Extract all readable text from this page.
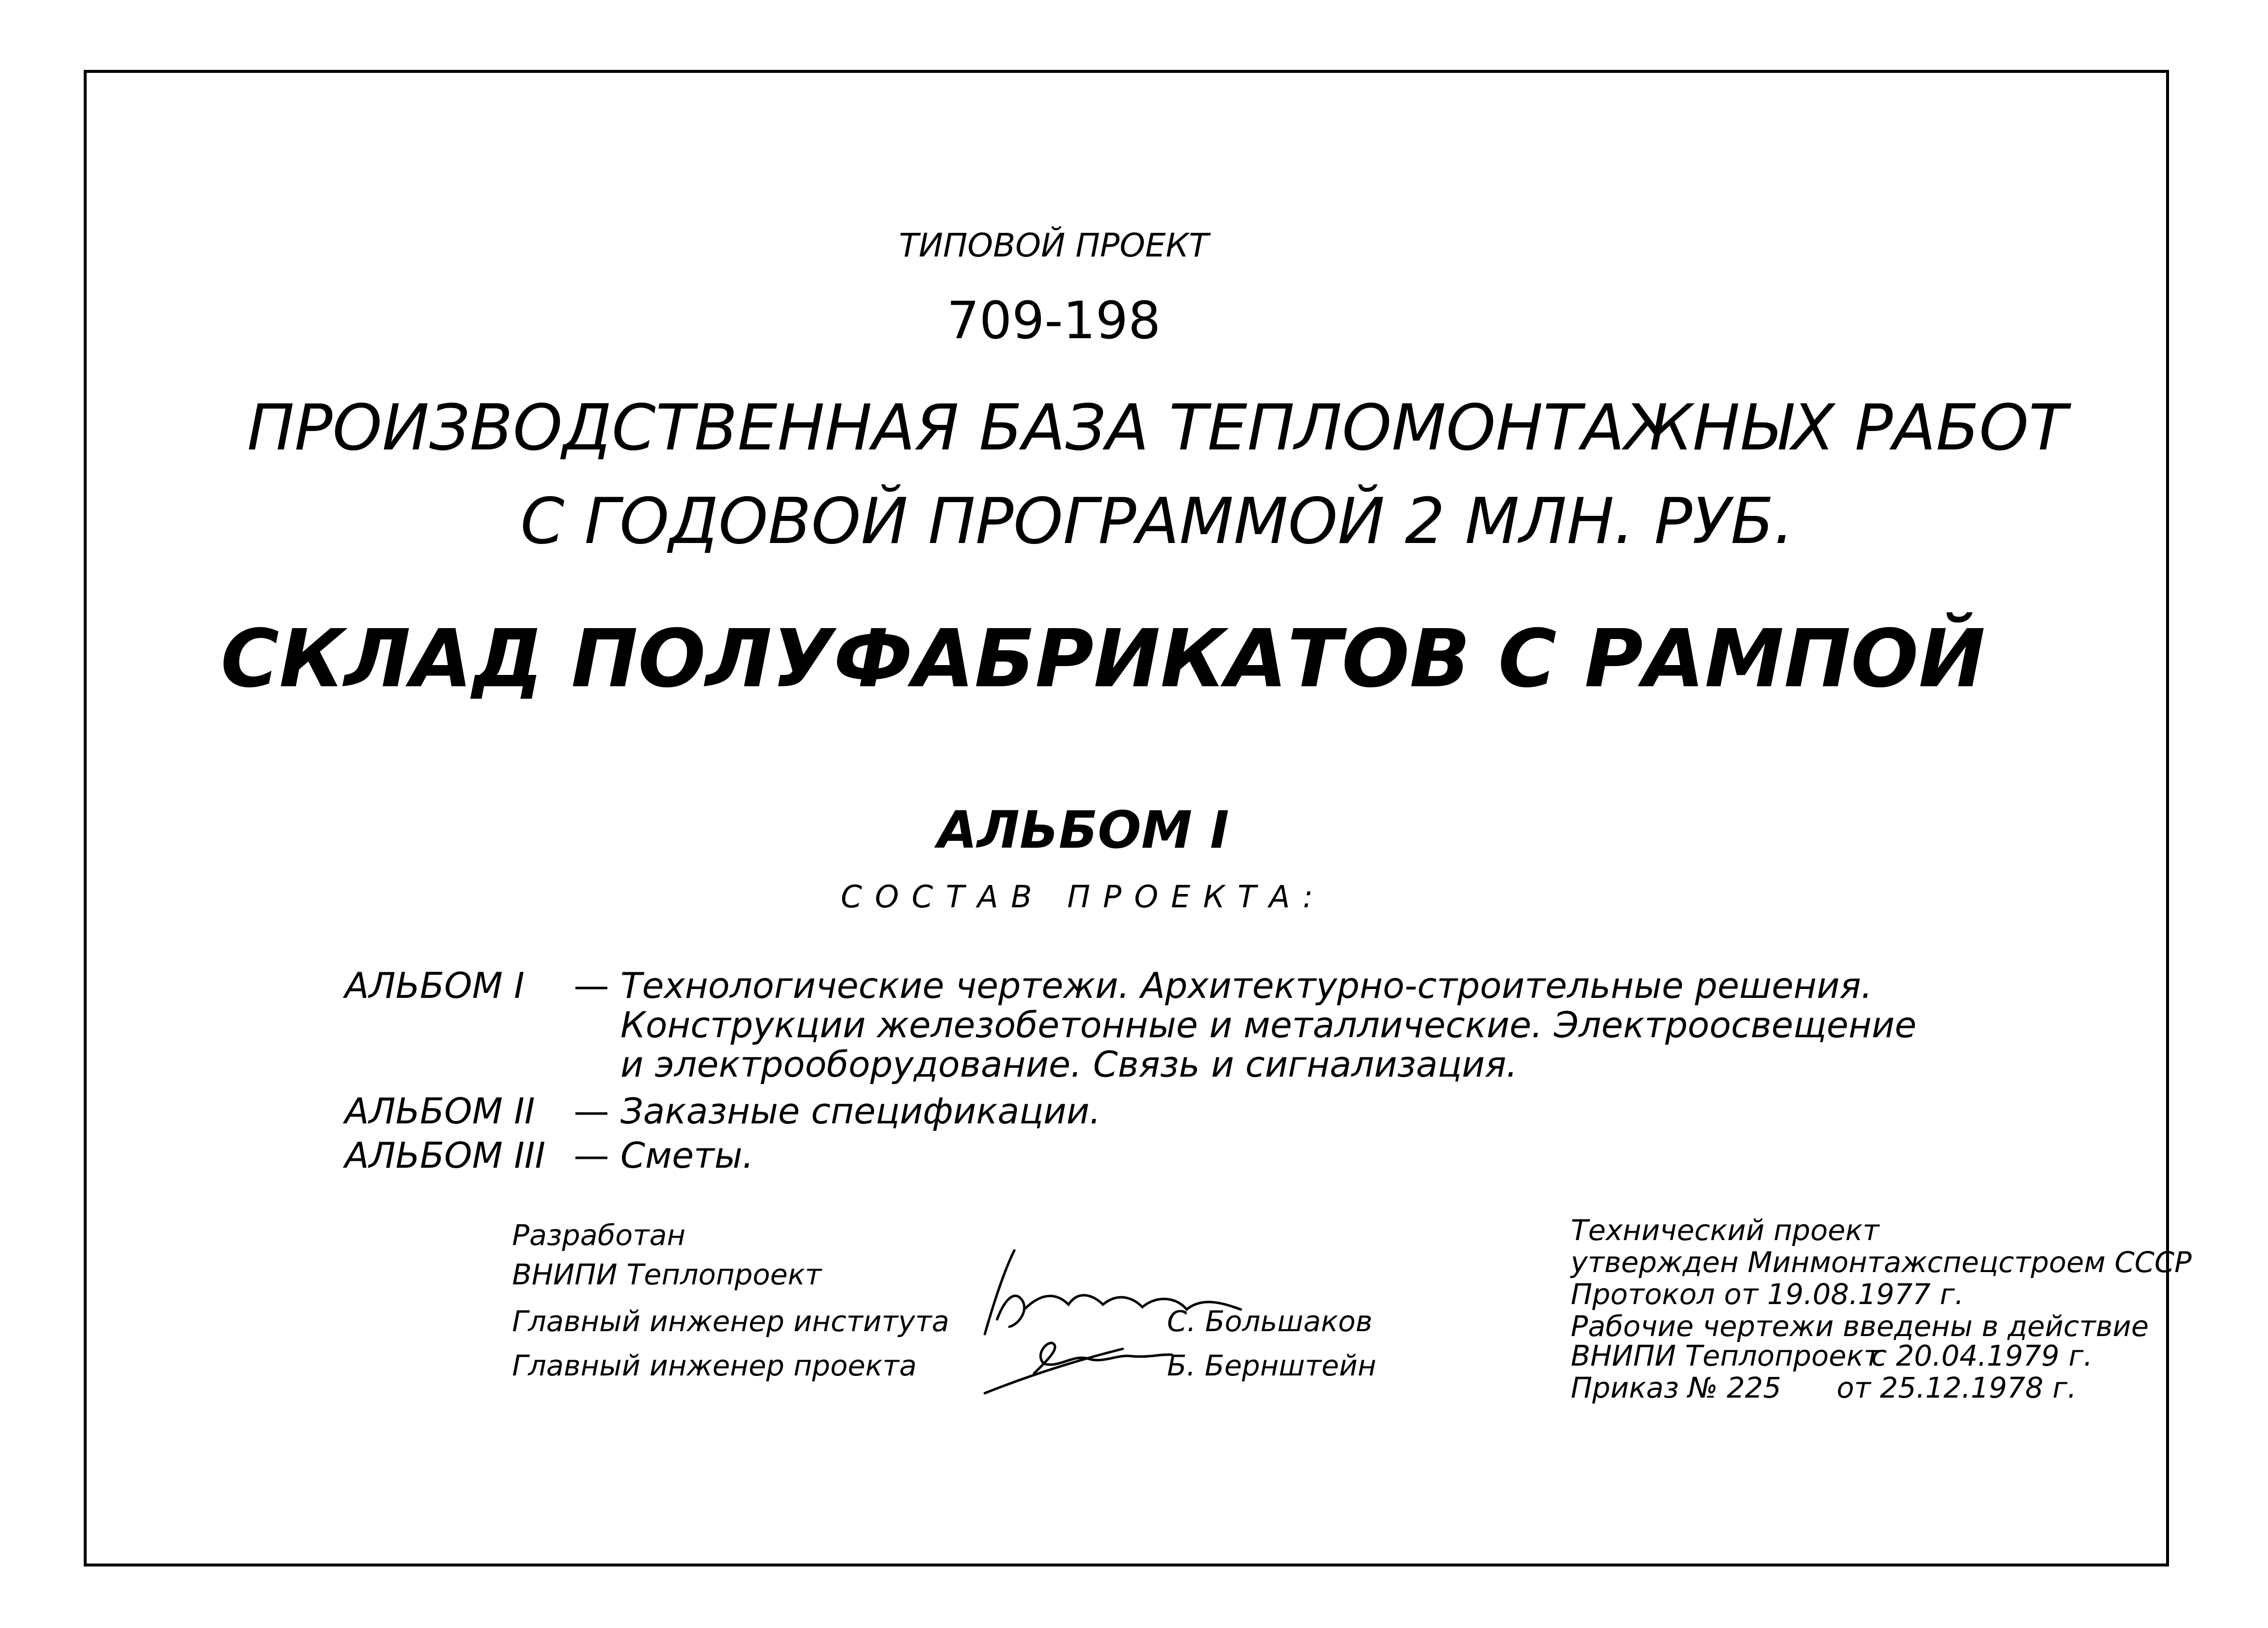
ТИПОВОЙ ПРОЕКТ
709-198
ПРОИЗВОДСТВЕННАЯ БАЗА ТЕПЛОМОНТАЖНЫХ РАБОТ
С ГОДОВОЙ ПРОГРАММОЙ 2 МЛН. РУБ.
СКЛАД ПОЛУФАБРИКАТОВ С РАМПОЙ
АЛЬБОМ I
СОСТАВ ПРОЕКТА:
АЛЬБОМ I — Технологические чертежи. Архитектурно-строительные решения.
Конструкции железобетонные и металлические. Электроосвещение
и электрооборудование. Связь и сигнализация.
АЛЬБОМ II — Заказные спецификации.
АЛЬБОМ III — Сметы.
Разработан
ВНИПИ Теплопроект
Главный инженер института	С. Большаков
Главный инженер проекта	Б. Бернштейн
Технический проект
утвержден Минмонтажспецстроем СССР
Протокол от 19.08.1977 г.
Рабочие чертежи введены в действие
ВНИПИ Теплопроект
с 20.04.1979 г.
Приказ № 225 от 25.12.1978 г.
